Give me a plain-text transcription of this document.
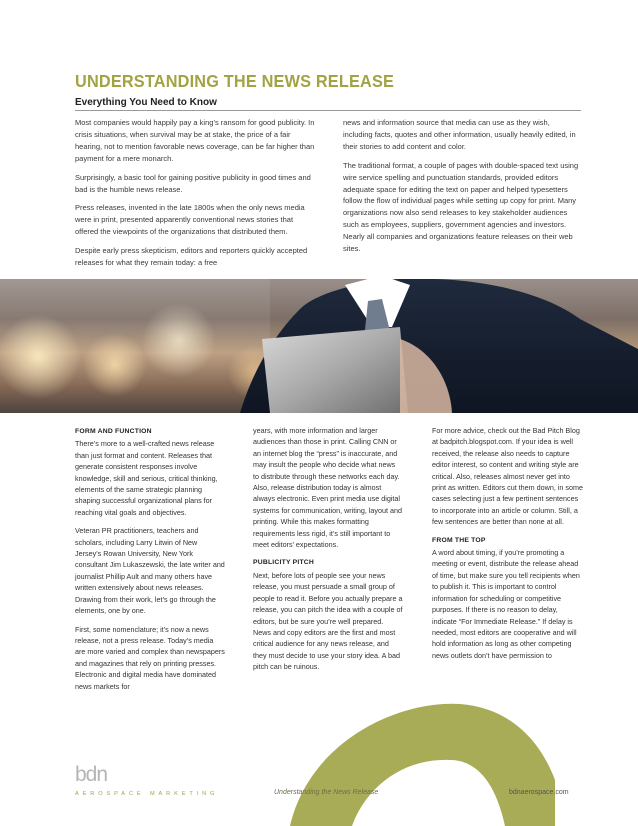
UNDERSTANDING THE NEWS RELEASE
Everything You Need to Know

Most companies would happily pay a king’s ransom for good publicity. In crisis situations, when survival may be at stake, the price of a fair hearing, not to mention favorable news coverage, can be far higher than payment for a mere monarch.

Surprisingly, a basic tool for gaining positive publicity in good times and bad is the humble news release.

Press releases, invented in the late 1800s when the only news media were in print, presented apparently conventional news stories that offered the viewpoints of the organizations that distributed them.

Despite early press skepticism, editors and reporters quickly accepted releases for what they remain today: a free

news and information source that media can use as they wish, including facts, quotes and other information, usually heavily edited, in their stories to add content and color.

The traditional format, a couple of pages with double-spaced text using wire service spelling and punctuation standards, provided editors adequate space for editing the text on paper and helped typesetters follow the flow of individual pages while setting up copy for print. Many organizations now also send releases to key stakeholder audiences such as employees, suppliers, government agencies and investors. Nearly all companies and organizations feature releases on their web sites.

FORM AND FUNCTION

There’s more to a well-crafted news release than just format and content. Releases that generate consistent responses involve knowledge, skill and serious, critical thinking, elements of the same strategic planning shaping successful organizational plans for reaching vital goals and objectives.

Veteran PR practitioners, teachers and scholars, including Larry Litwin of New Jersey’s Rowan University, New York consultant Jim Lukaszewski, the late writer and journalist Phillip Ault and many others have written extensively about news releases. Drawing from their work, let’s go through the elements, one by one.

First, some nomenclature; it’s now a news release, not a press release. Today’s media are more varied and complex than newspapers and magazines that rely on printing presses. Electronic and digital media have dominated news markets for

years, with more information and larger audiences than those in print. Calling CNN or an internet blog the “press” is inaccurate, and may insult the people who decide what news to distribute through these networks each day. Also, release distribution today is almost always electronic. Even print media use digital systems for communication, writing, layout and printing. While this makes formatting requirements less rigid, it’s still important to meet editors’ expectations.

PUBLICITY PITCH

Next, before lots of people see your news release, you must persuade a small group of people to read it. Before you actually prepare a release, you can pitch the idea with a couple of editors, but be sure you’re well prepared. News and copy editors are the first and most critical audience for any news release, and they must decide to use your story idea. A bad pitch can be ruinous.

For more advice, check out the Bad Pitch Blog at badpitch.blogspot.com. If your idea is well received, the release also needs to capture editor interest, so content and writing style are critical. Also, releases almost never get into print as written. Editors cut them down, in some cases selecting just a few pertinent sentences to incorporate into an article or column. Still, a few sentences are better than none at all.

FROM THE TOP

A word about timing, if you’re promoting a meeting or event, distribute the release ahead of time, but make sure you tell recipients when to publish it. This is important to control information for scheduling or competitive purposes. If there is no reason to delay, indicate “For Immediate Release.” If delay is needed, most editors are cooperative and will hold information as long as other competing news outlets don’t have permission to

bdn
AEROSPACE MARKETING	Understanding the News Release	bdnaerospace.com
